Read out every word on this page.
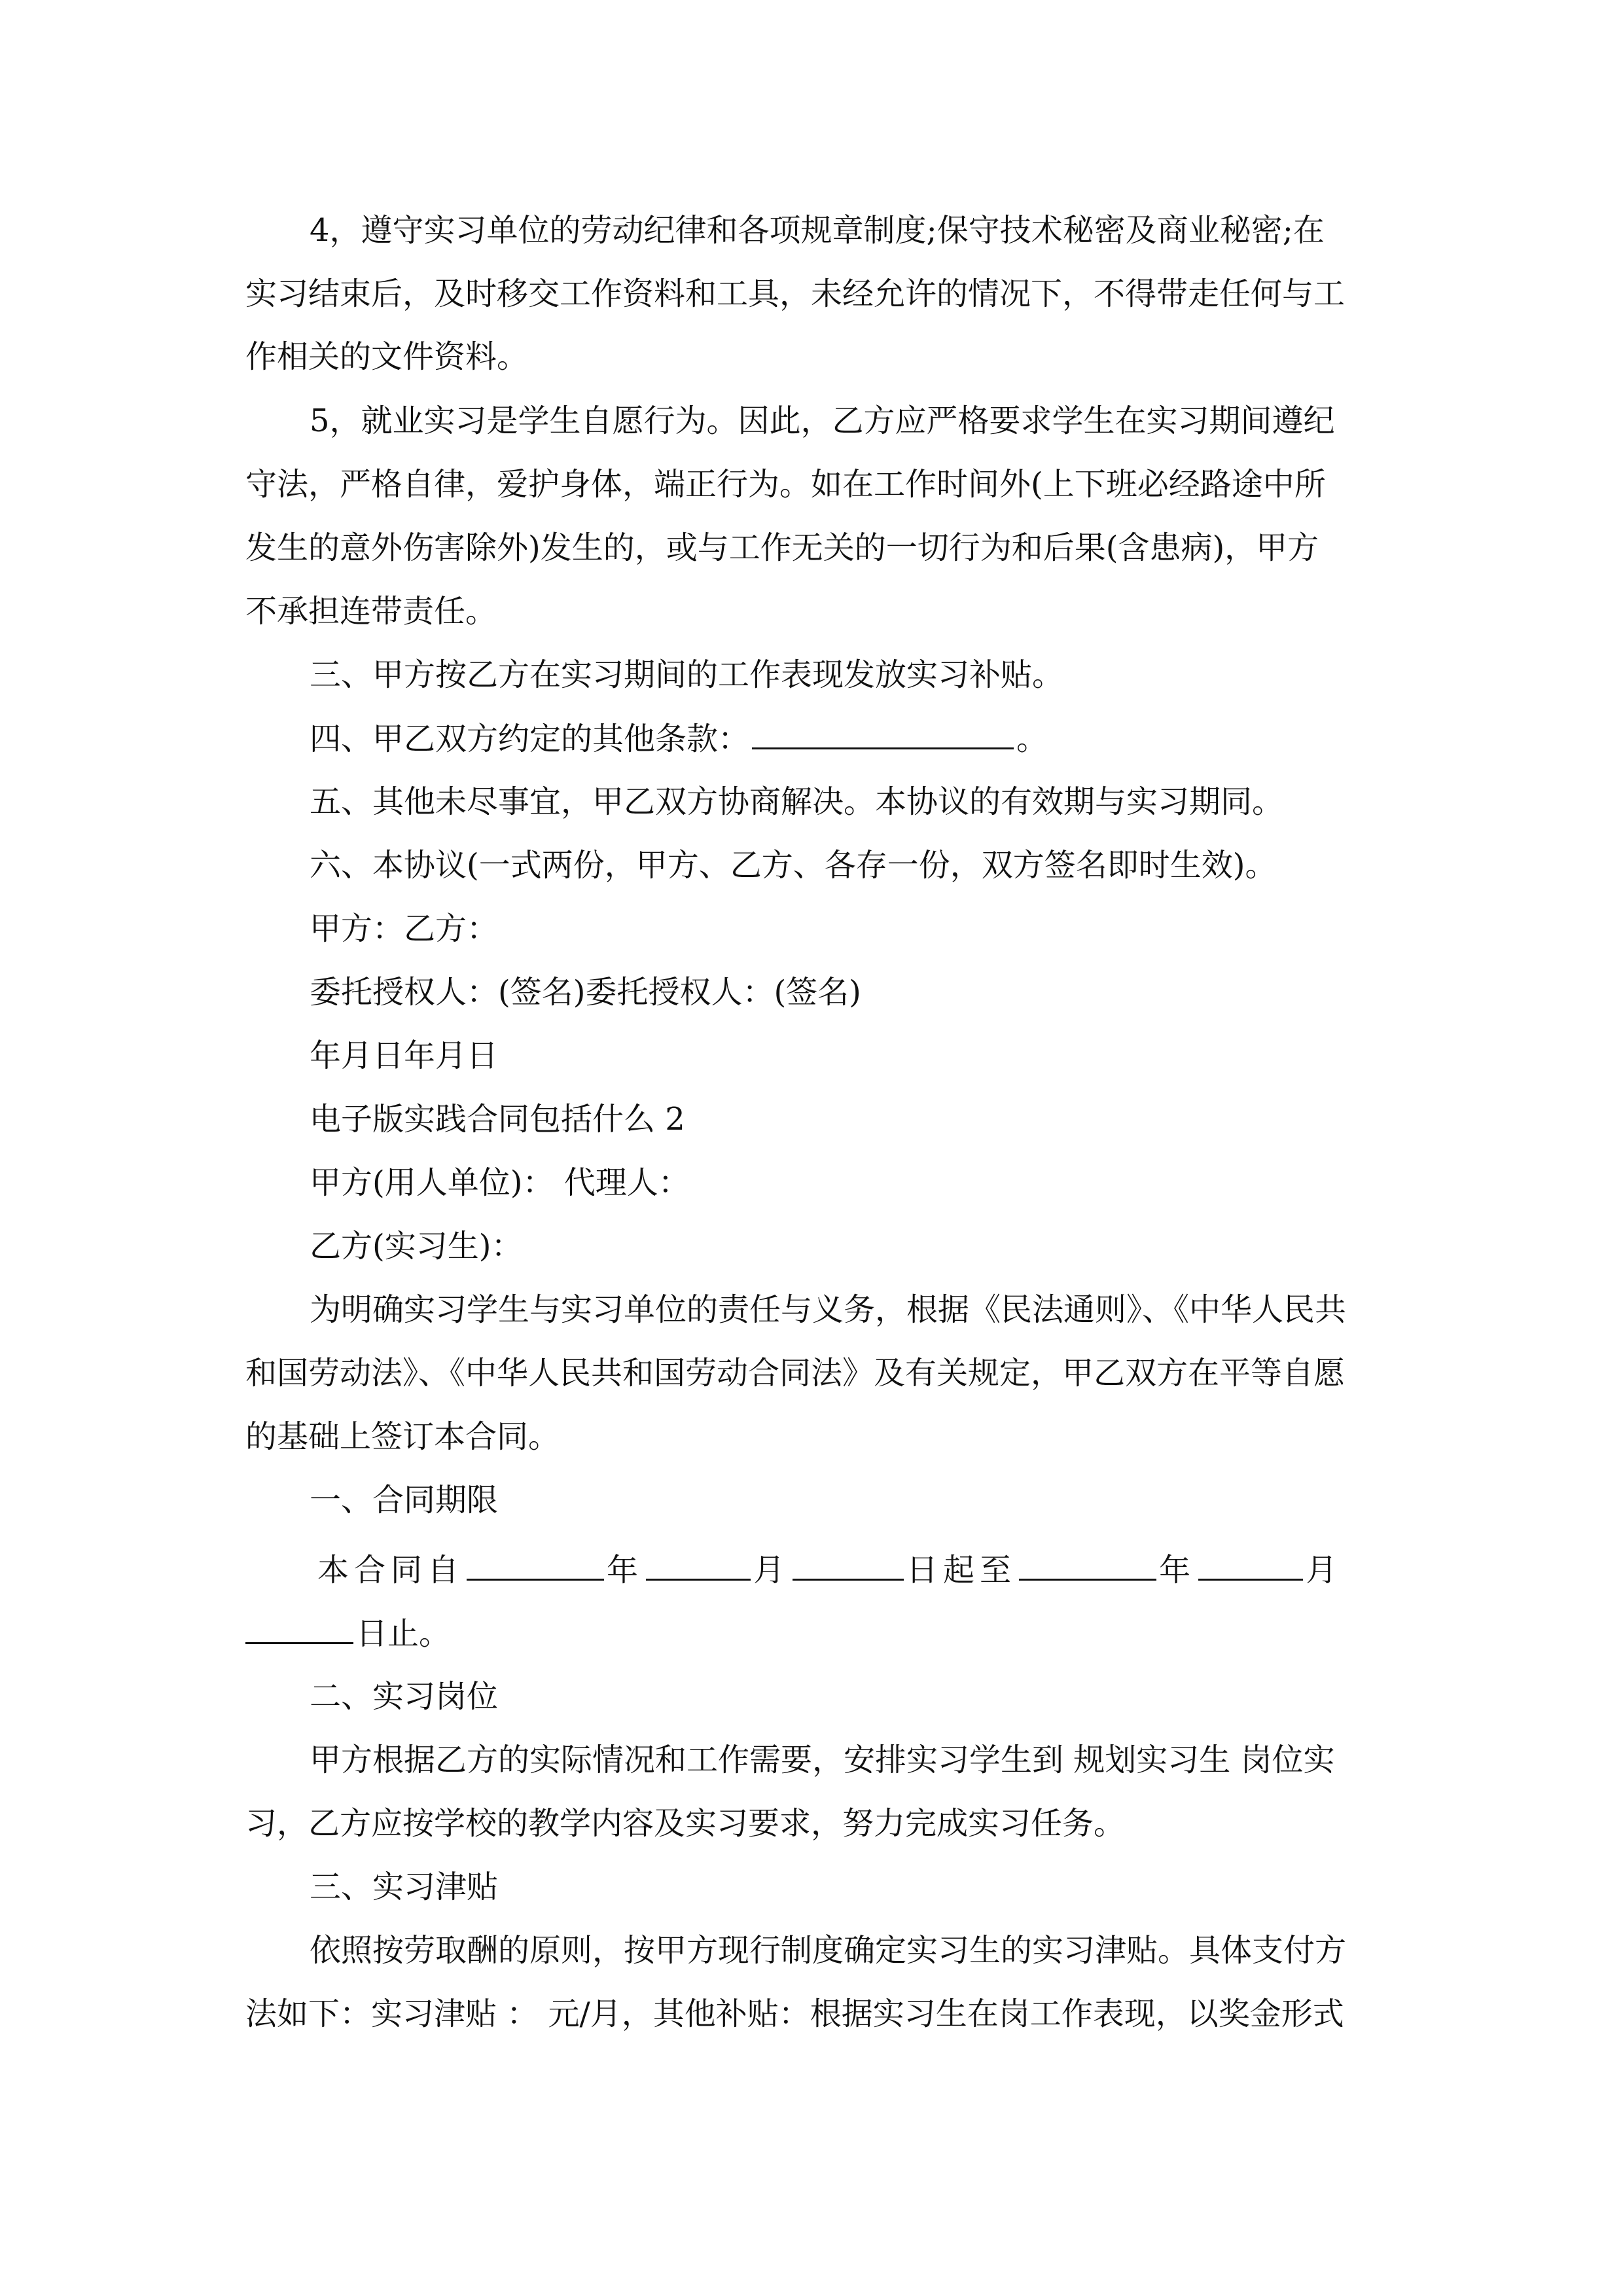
4，遵守实习单位的劳动纪律和各项规章制度;保守技术秘密及商业秘密;在
实习结束后，及时移交工作资料和工具，未经允许的情况下，不得带走任何与工
作相关的文件资料。
5，就业实习是学生自愿行为。因此，乙方应严格要求学生在实习期间遵纪
守法，严格自律，爱护身体，端正行为。如在工作时间外(上下班必经路途中所
发生的意外伤害除外)发生的，或与工作无关的一切行为和后果(含患病)，甲方
不承担连带责任。
三、甲方按乙方在实习期间的工作表现发放实习补贴。
四、甲乙双方约定的其他条款：	。
五、其他未尽事宜，甲乙双方协商解决。本协议的有效期与实习期同。
六、本协议(一式两份，甲方、乙方、各存一份，双方签名即时生效)。
甲方：乙方：
委托授权人：(签名)委托授权人：(签名)
年月日年月日
电子版实践合同包括什么 2
甲方(用人单位)： 代理人：
乙方(实习生)：
为明确实习学生与实习单位的责任与义务，根据《民法通则》、《中华人民共
和国劳动法》、《中华人民共和国劳动合同法》及有关规定，甲乙双方在平等自愿
的基础上签订本合同。
一、合同期限
本合同自	年	月	日起至	年	月
日止。
二、实习岗位
甲方根据乙方的实际情况和工作需要，安排实习学生到 规划实习生 岗位实
习，乙方应按学校的教学内容及实习要求，努力完成实习任务。
三、实习津贴
依照按劳取酬的原则，按甲方现行制度确定实习生的实习津贴。具体支付方
法如下：实习津贴 ： 元/月，其他补贴：根据实习生在岗工作表现，以奖金形式
